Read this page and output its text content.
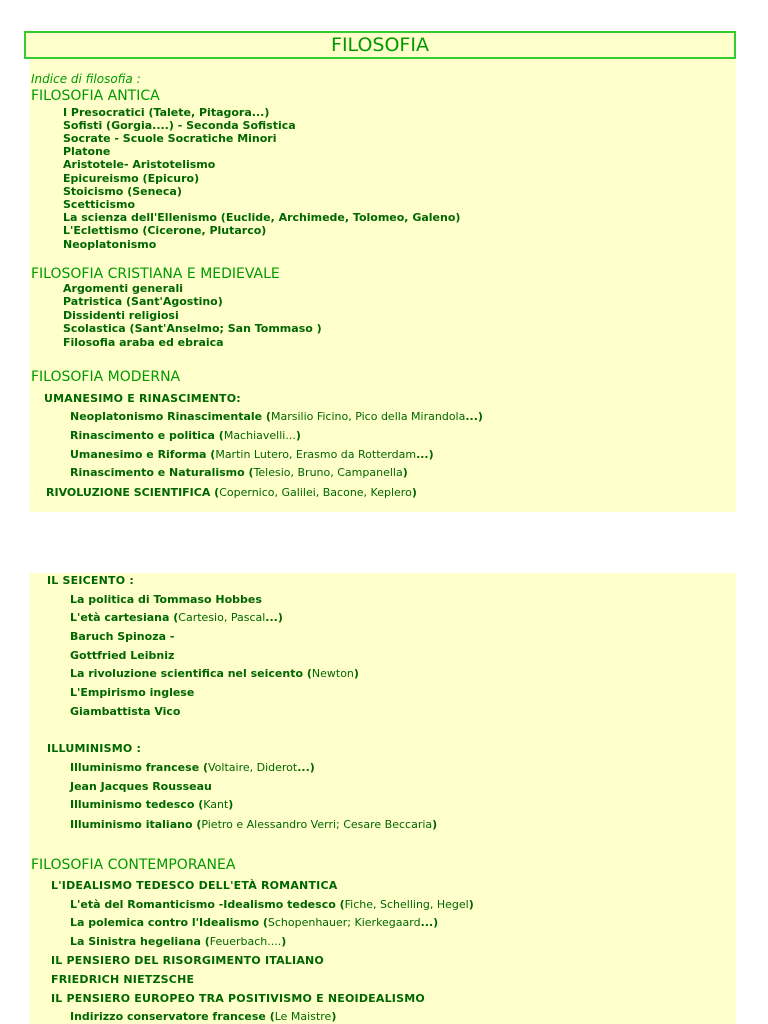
FILOSOFIA
Indice di filosofia :
FILOSOFIA ANTICA
I Presocratici (Talete, Pitagora...)
Sofisti (Gorgia....) - Seconda Sofistica
Socrate - Scuole Socratiche Minori
Platone
Aristotele- Aristotelismo
Epicureismo (Epicuro)
Stoicismo (Seneca)
Scetticismo
La scienza dell'Ellenismo (Euclide, Archimede, Tolomeo, Galeno)
L'Eclettismo (Cicerone, Plutarco)
Neoplatonismo
FILOSOFIA CRISTIANA E MEDIEVALE
Argomenti generali
Patristica (Sant'Agostino)
Dissidenti religiosi
Scolastica (Sant'Anselmo; San Tommaso )
Filosofia araba ed ebraica
FILOSOFIA MODERNA
UMANESIMO E RINASCIMENTO:
Neoplatonismo Rinascimentale (Marsilio Ficino, Pico della Mirandola...)
Rinascimento e politica (Machiavelli...)
Umanesimo e Riforma (Martin Lutero, Erasmo da Rotterdam...)
Rinascimento e Naturalismo (Telesio, Bruno, Campanella)
RIVOLUZIONE SCIENTIFICA (Copernico, Galilei, Bacone, Keplero)
IL SEICENTO :
La politica di Tommaso Hobbes
L'età cartesiana (Cartesio, Pascal...)
Baruch Spinoza -
Gottfried Leibniz
La rivoluzione scientifica nel seicento (Newton)
L'Empirismo inglese
Giambattista Vico
ILLUMINISMO :
Illuminismo francese (Voltaire, Diderot...)
Jean Jacques Rousseau
Illuminismo tedesco (Kant)
Illuminismo italiano (Pietro e Alessandro Verri; Cesare Beccaria)
FILOSOFIA CONTEMPORANEA
L'IDEALISMO TEDESCO DELL'ETÀ ROMANTICA
L'età del Romanticismo -Idealismo tedesco (Fiche, Schelling, Hegel)
La polemica contro l'Idealismo (Schopenhauer; Kierkegaard...)
La Sinistra hegeliana (Feuerbach....)
IL PENSIERO DEL RISORGIMENTO ITALIANO
FRIEDRICH NIETZSCHE
IL PENSIERO EUROPEO TRA POSITIVISMO E NEOIDEALISMO
Indirizzo conservatore francese (Le Maistre)
